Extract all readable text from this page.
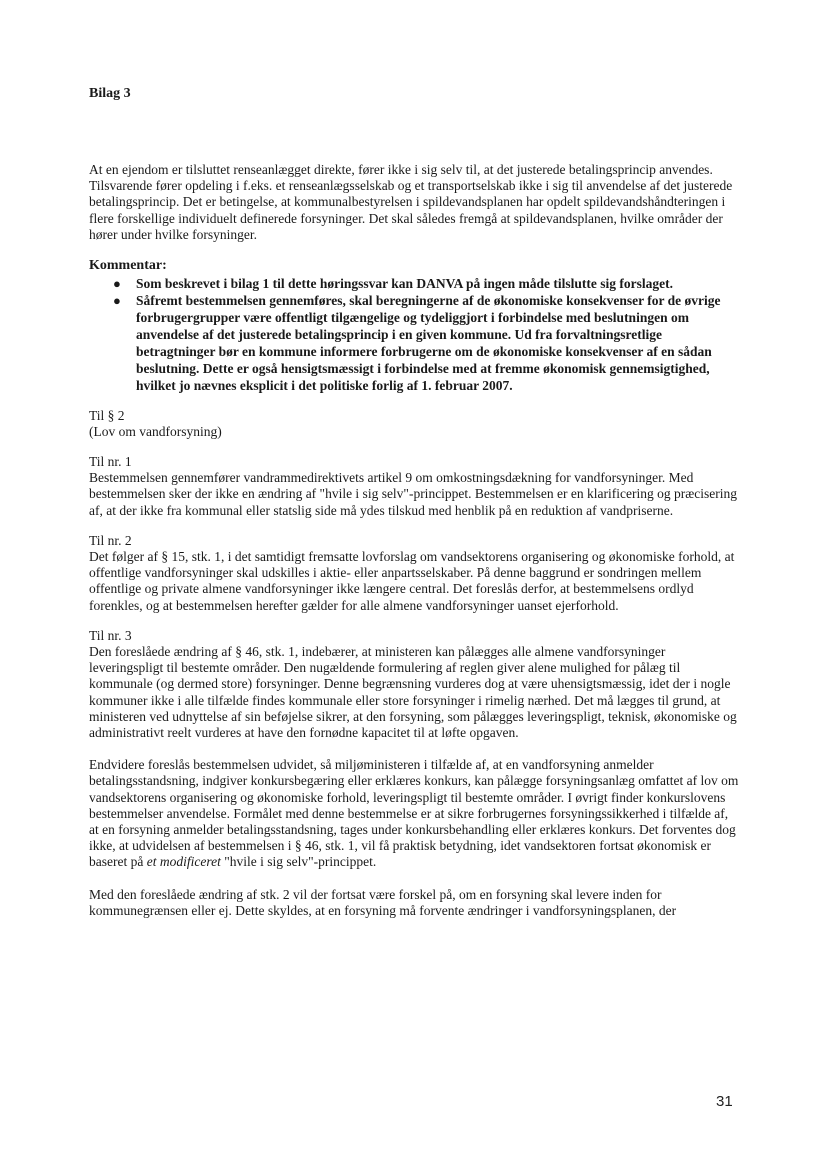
Bilag 3

At en ejendom er tilsluttet renseanlægget direkte, fører ikke i sig selv til, at det justerede betalingsprincip anvendes. Tilsvarende fører opdeling i f.eks. et renseanlægsselskab og et transportselskab ikke i sig til anvendelse af det justerede betalingsprincip. Det er betingelse, at kommunalbestyrelsen i spildevandsplanen har opdelt spildevandshåndteringen i flere forskellige individuelt definerede forsyninger. Det skal således fremgå at spildevandsplanen, hvilke områder der hører under hvilke forsyninger.

Kommentar:
● Som beskrevet i bilag 1 til dette høringssvar kan DANVA på ingen måde tilslutte sig forslaget.
● Såfremt bestemmelsen gennemføres, skal beregningerne af de økonomiske konsekvenser for de øvrige forbrugergrupper være offentligt tilgængelige og tydeliggjort i forbindelse med beslutningen om anvendelse af det justerede betalingsprincip i en given kommune. Ud fra forvaltningsretlige betragtninger bør en kommune informere forbrugerne om de økonomiske konsekvenser af en sådan beslutning. Dette er også hensigtsmæssigt i forbindelse med at fremme økonomisk gennemsigtighed, hvilket jo nævnes eksplicit i det politiske forlig af 1. februar 2007.

Til § 2

(Lov om vandforsyning)

Til nr. 1

Bestemmelsen gennemfører vandrammedirektivets artikel 9 om omkostningsdækning for vandforsyninger. Med bestemmelsen sker der ikke en ændring af "hvile i sig selv"-princippet. Bestemmelsen er en klarificering og præcisering af, at der ikke fra kommunal eller statslig side må ydes tilskud med henblik på en reduktion af vandpriserne.

Til nr. 2

Det følger af § 15, stk. 1, i det samtidigt fremsatte lovforslag om vandsektorens organisering og økonomiske forhold, at offentlige vandforsyninger skal udskilles i aktie- eller anpartsselskaber. På denne baggrund er sondringen mellem offentlige og private almene vandforsyninger ikke længere central. Det foreslås derfor, at bestemmelsens ordlyd forenkles, og at bestemmelsen herefter gælder for alle almene vandforsyninger uanset ejerforhold.

Til nr. 3

Den foreslåede ændring af § 46, stk. 1, indebærer, at ministeren kan pålægges alle almene vandforsyninger leveringspligt til bestemte områder. Den nugældende formulering af reglen giver alene mulighed for pålæg til kommunale (og dermed store) forsyninger. Denne begrænsning vurderes dog at være uhensigtsmæssig, idet der i nogle kommuner ikke i alle tilfælde findes kommunale eller store forsyninger i rimelig nærhed. Det må lægges til grund, at ministeren ved udnyttelse af sin beføjelse sikrer, at den forsyning, som pålægges leveringspligt, teknisk, økonomiske og administrativt reelt vurderes at have den fornødne kapacitet til at løfte opgaven.

Endvidere foreslås bestemmelsen udvidet, så miljøministeren i tilfælde af, at en vandforsyning anmelder betalingsstandsning, indgiver konkursbegæring eller erklæres konkurs, kan pålægge forsyningsanlæg omfattet af lov om vandsektorens organisering og økonomiske forhold, leveringspligt til bestemte områder. I øvrigt finder konkurslovens bestemmelser anvendelse. Formålet med denne bestemmelse er at sikre forbrugernes forsyningssikkerhed i tilfælde af, at en forsyning anmelder betalingsstandsning, tages under konkursbehandling eller erklæres konkurs. Det forventes dog ikke, at udvidelsen af bestemmelsen i § 46, stk. 1, vil få praktisk betydning, idet vandsektoren fortsat økonomisk er baseret på et modificeret "hvile i sig selv"-princippet.

Med den foreslåede ændring af stk. 2 vil der fortsat være forskel på, om en forsyning skal levere inden for kommunegrænsen eller ej. Dette skyldes, at en forsyning må forvente ændringer i vandforsyningsplanen, der

31
